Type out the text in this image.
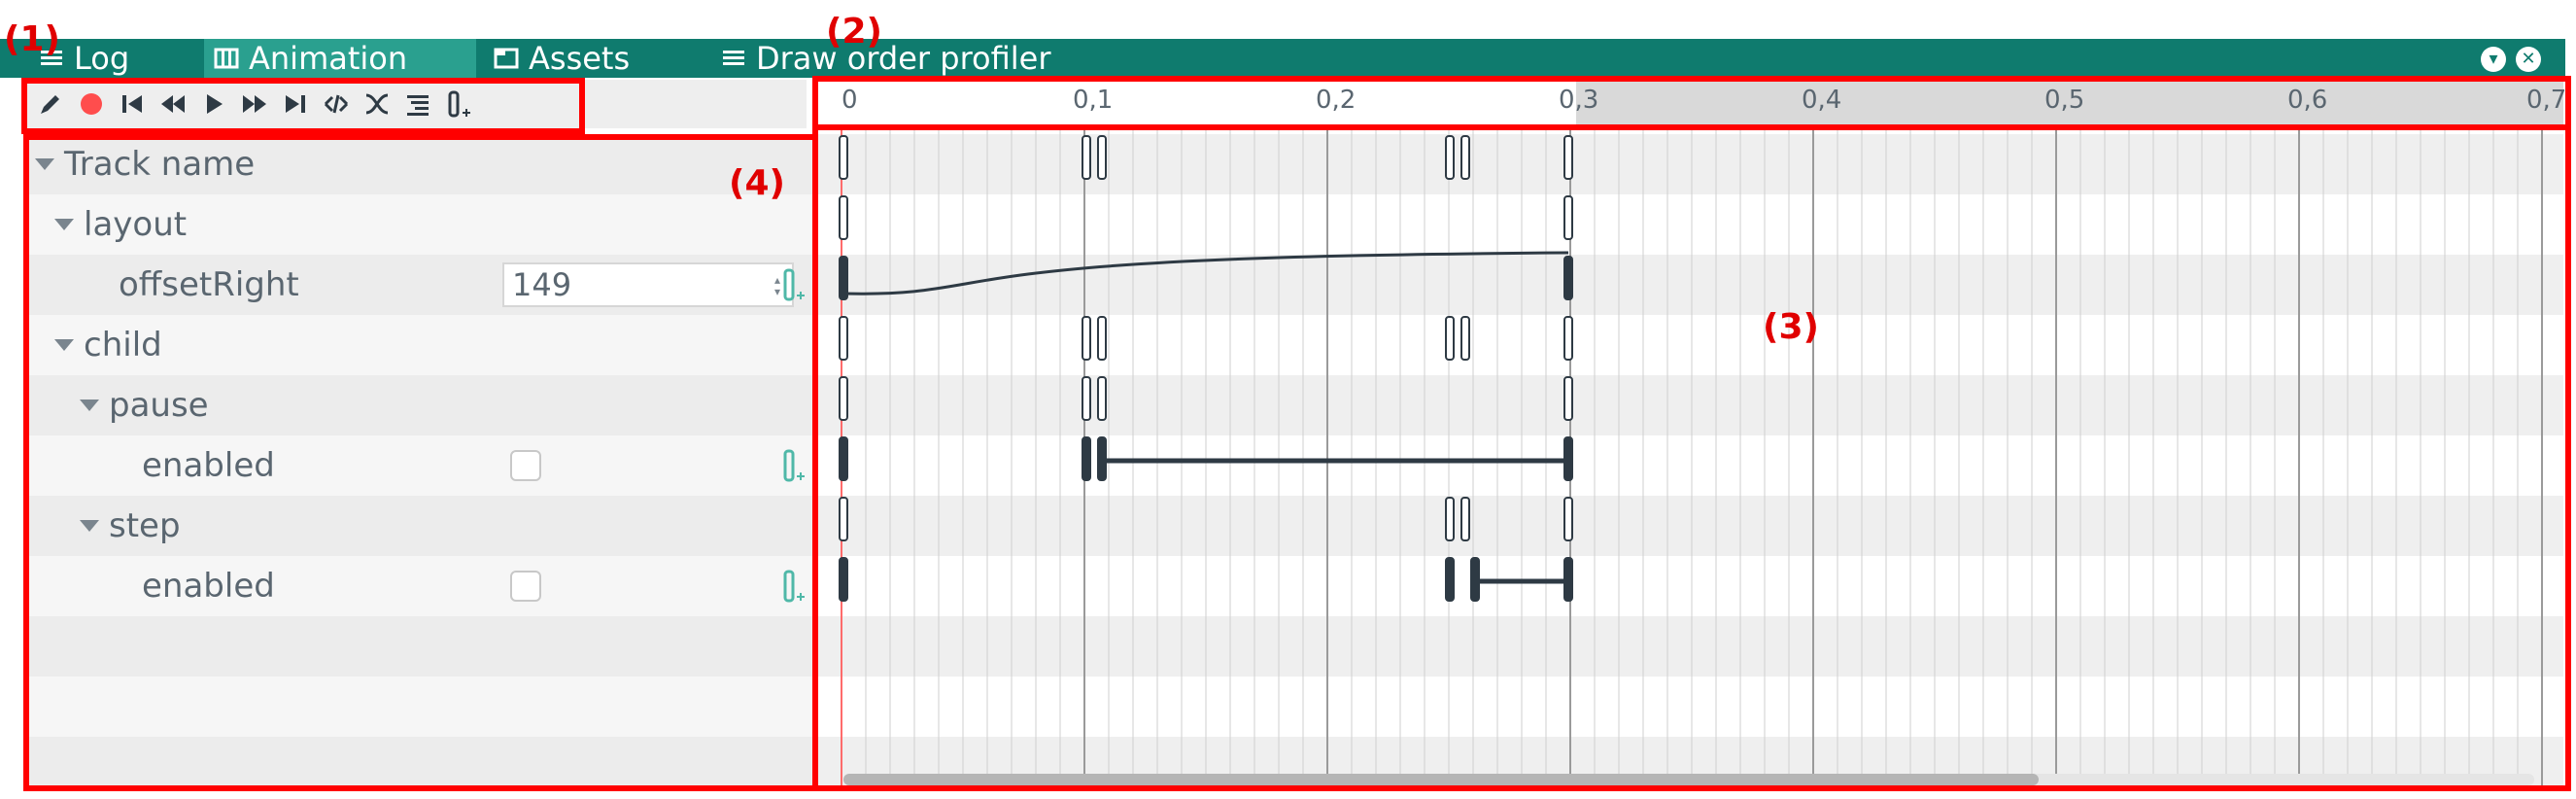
Log	Animation	Assets	Draw order profiler	▾	✕
Track name
layout
offsetRight	149	▴
▾
child
pause
enabled
step
enabled
0	0,1	0,2	0,3	0,4	0,5	0,6	0,7
(1)	(2)
(3)
(4)
